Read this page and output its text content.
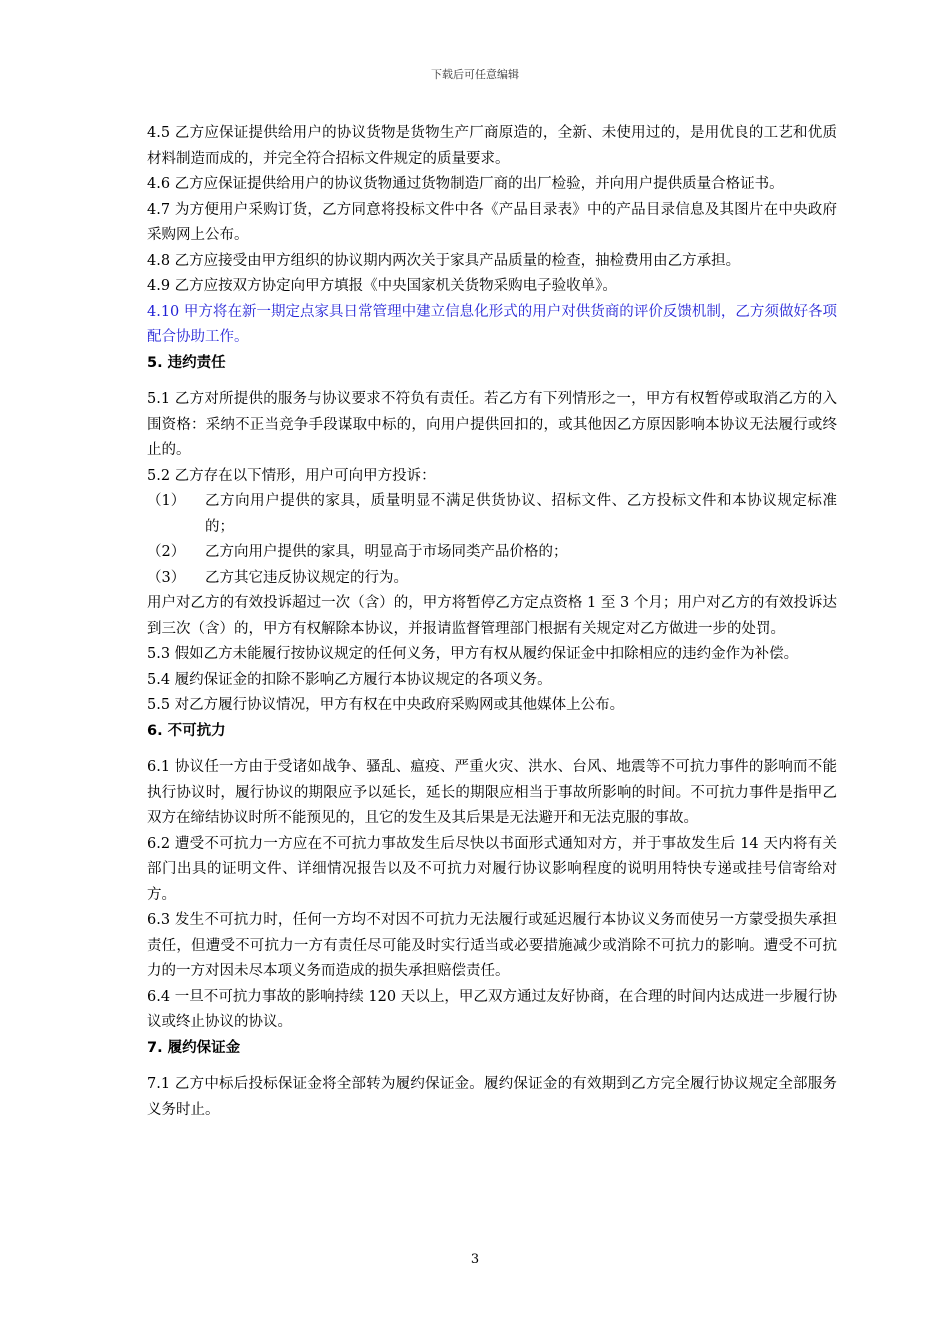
下载后可任意编辑

4.5 乙方应保证提供给用户的协议货物是货物生产厂商原造的，全新、未使用过的，是用优良的工艺和优质材料制造而成的，并完全符合招标文件规定的质量要求。

4.6 乙方应保证提供给用户的协议货物通过货物制造厂商的出厂检验，并向用户提供质量合格证书。

4.7 为方便用户采购订货，乙方同意将投标文件中各《产品目录表》中的产品目录信息及其图片在中央政府采购网上公布。

4.8 乙方应接受由甲方组织的协议期内两次关于家具产品质量的检查，抽检费用由乙方承担。

4.9 乙方应按双方协定向甲方填报《中央国家机关货物采购电子验收单》。

4.10 甲方将在新一期定点家具日常管理中建立信息化形式的用户对供货商的评价反馈机制，乙方须做好各项配合协助工作。

5. 违约责任

5.1 乙方对所提供的服务与协议要求不符负有责任。若乙方有下列情形之一，甲方有权暂停或取消乙方的入围资格：采纳不正当竞争手段谋取中标的，向用户提供回扣的，或其他因乙方原因影响本协议无法履行或终止的。

5.2 乙方存在以下情形，用户可向甲方投诉：

（1）	乙方向用户提供的家具，质量明显不满足供货协议、招标文件、乙方投标文件和本协议规定标准的；
（2）	乙方向用户提供的家具，明显高于市场同类产品价格的；
（3）	乙方其它违反协议规定的行为。

用户对乙方的有效投诉超过一次（含）的，甲方将暂停乙方定点资格 1 至 3 个月；用户对乙方的有效投诉达到三次（含）的，甲方有权解除本协议，并报请监督管理部门根据有关规定对乙方做进一步的处罚。

5.3 假如乙方未能履行按协议规定的任何义务，甲方有权从履约保证金中扣除相应的违约金作为补偿。

5.4 履约保证金的扣除不影响乙方履行本协议规定的各项义务。

5.5 对乙方履行协议情况，甲方有权在中央政府采购网或其他媒体上公布。

6. 不可抗力

6.1 协议任一方由于受诸如战争、骚乱、瘟疫、严重火灾、洪水、台风、地震等不可抗力事件的影响而不能执行协议时，履行协议的期限应予以延长，延长的期限应相当于事故所影响的时间。不可抗力事件是指甲乙双方在缔结协议时所不能预见的，且它的发生及其后果是无法避开和无法克服的事故。

6.2 遭受不可抗力一方应在不可抗力事故发生后尽快以书面形式通知对方，并于事故发生后 14 天内将有关部门出具的证明文件、详细情况报告以及不可抗力对履行协议影响程度的说明用特快专递或挂号信寄给对方。

6.3 发生不可抗力时，任何一方均不对因不可抗力无法履行或延迟履行本协议义务而使另一方蒙受损失承担责任，但遭受不可抗力一方有责任尽可能及时实行适当或必要措施减少或消除不可抗力的影响。遭受不可抗力的一方对因未尽本项义务而造成的损失承担赔偿责任。

6.4 一旦不可抗力事故的影响持续 120 天以上，甲乙双方通过友好协商，在合理的时间内达成进一步履行协议或终止协议的协议。

7. 履约保证金

7.1 乙方中标后投标保证金将全部转为履约保证金。履约保证金的有效期到乙方完全履行协议规定全部服务义务时止。

3
